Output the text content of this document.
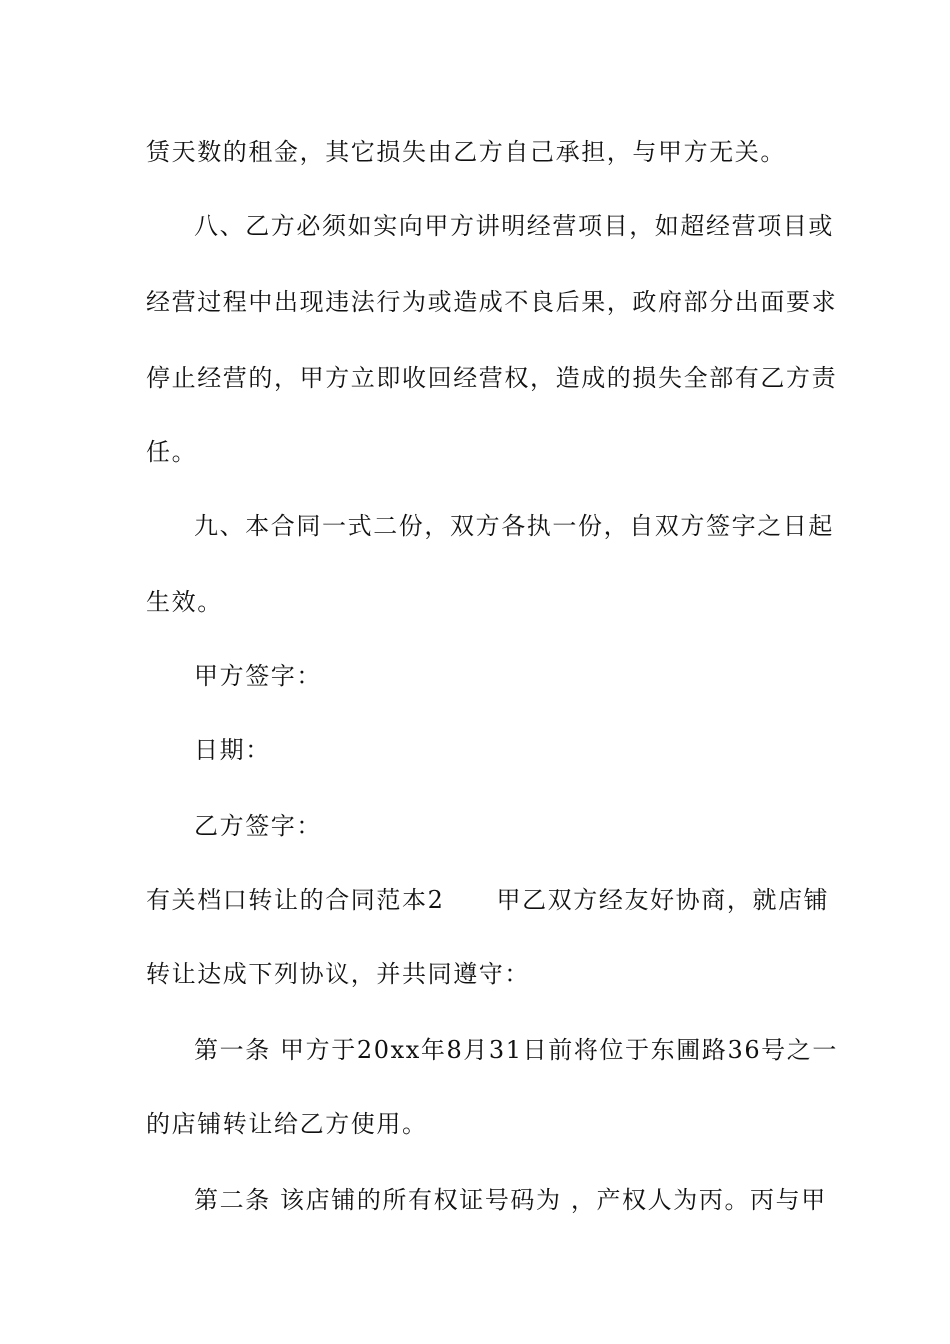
赁天数的租金，其它损失由乙方自己承担，与甲方无关。
八、乙方必须如实向甲方讲明经营项目，如超经营项目或
经营过程中出现违法行为或造成不良后果，政府部分出面要求
停止经营的，甲方立即收回经营权，造成的损失全部有乙方责
任。
九、本合同一式二份，双方各执一份，自双方签字之日起
生效。
甲方签字：
日期：
乙方签字：
有关档口转让的合同范本2 甲乙双方经友好协商，就店铺
转让达成下列协议，并共同遵守：
第一条 甲方于20xx年8月31日前将位于东圃路36号之一
的店铺转让给乙方使用。
第二条 该店铺的所有权证号码为 ，产权人为丙。丙与甲
